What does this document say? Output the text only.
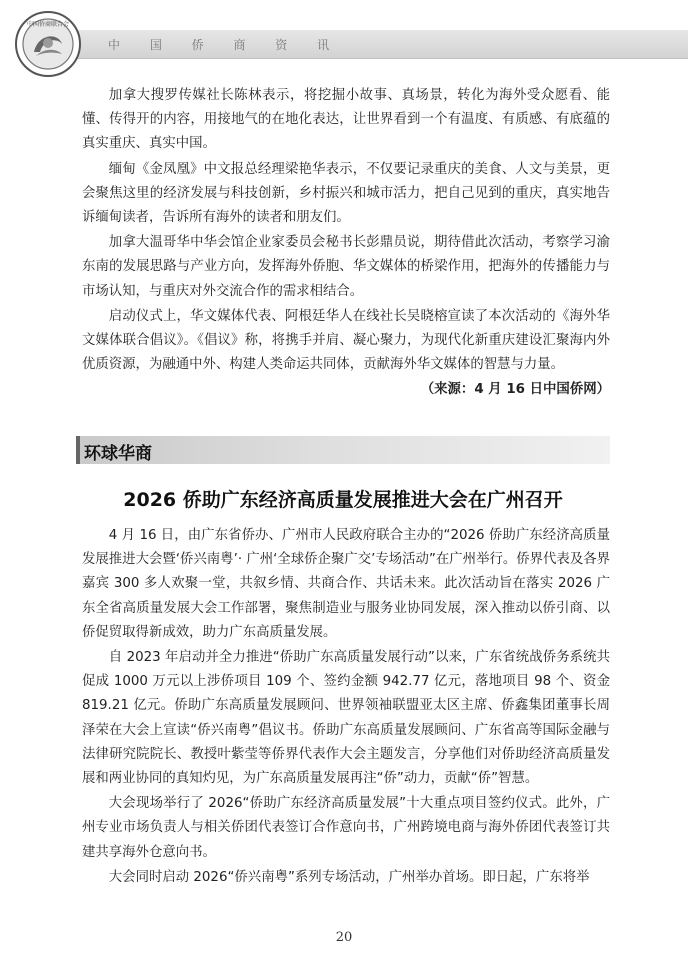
中国侨商联合会
中 国 侨 商 资 讯

加拿大搜罗传媒社长陈林表示，将挖掘小故事、真场景，转化为海外受众愿看、能懂、传得开的内容，用接地气的在地化表达，让世界看到一个有温度、有质感、有底蕴的真实重庆、真实中国。

缅甸《金凤凰》中文报总经理梁艳华表示，不仅要记录重庆的美食、人文与美景，更会聚焦这里的经济发展与科技创新，乡村振兴和城市活力，把自己见到的重庆，真实地告诉缅甸读者，告诉所有海外的读者和朋友们。

加拿大温哥华中华会馆企业家委员会秘书长彭鼎员说，期待借此次活动，考察学习渝东南的发展思路与产业方向，发挥海外侨胞、华文媒体的桥梁作用，把海外的传播能力与市场认知，与重庆对外交流合作的需求相结合。

启动仪式上，华文媒体代表、阿根廷华人在线社长吴晓榕宣读了本次活动的《海外华文媒体联合倡议》。《倡议》称，将携手并肩、凝心聚力，为现代化新重庆建设汇聚海内外优质资源，为融通中外、构建人类命运共同体，贡献海外华文媒体的智慧与力量。

（来源：4 月 16 日中国侨网）
环球华商
2026 侨助广东经济高质量发展推进大会在广州召开

4 月 16 日，由广东省侨办、广州市人民政府联合主办的“2026 侨助广东经济高质量发展推进大会暨‘侨兴南粤’· 广州‘全球侨企聚广交’专场活动”在广州举行。侨界代表及各界嘉宾 300 多人欢聚一堂，共叙乡情、共商合作、共话未来。此次活动旨在落实 2026 广东全省高质量发展大会工作部署，聚焦制造业与服务业协同发展，深入推动以侨引商、以侨促贸取得新成效，助力广东高质量发展。

自 2023 年启动并全力推进“侨助广东高质量发展行动”以来，广东省统战侨务系统共促成 1000 万元以上涉侨项目 109 个、签约金额 942.77 亿元，落地项目 98 个、资金 819.21 亿元。侨助广东高质量发展顾问、世界领袖联盟亚太区主席、侨鑫集团董事长周泽荣在大会上宣读“侨兴南粤”倡议书。侨助广东高质量发展顾问、广东省高等国际金融与法律研究院院长、教授叶紫莹等侨界代表作大会主题发言，分享他们对侨助经济高质量发展和两业协同的真知灼见，为广东高质量发展再注“侨”动力，贡献“侨”智慧。

大会现场举行了 2026“侨助广东经济高质量发展”十大重点项目签约仪式。此外，广州专业市场负责人与相关侨团代表签订合作意向书，广州跨境电商与海外侨团代表签订共建共享海外仓意向书。

大会同时启动 2026“侨兴南粤”系列专场活动，广州举办首场。即日起，广东将举

20
